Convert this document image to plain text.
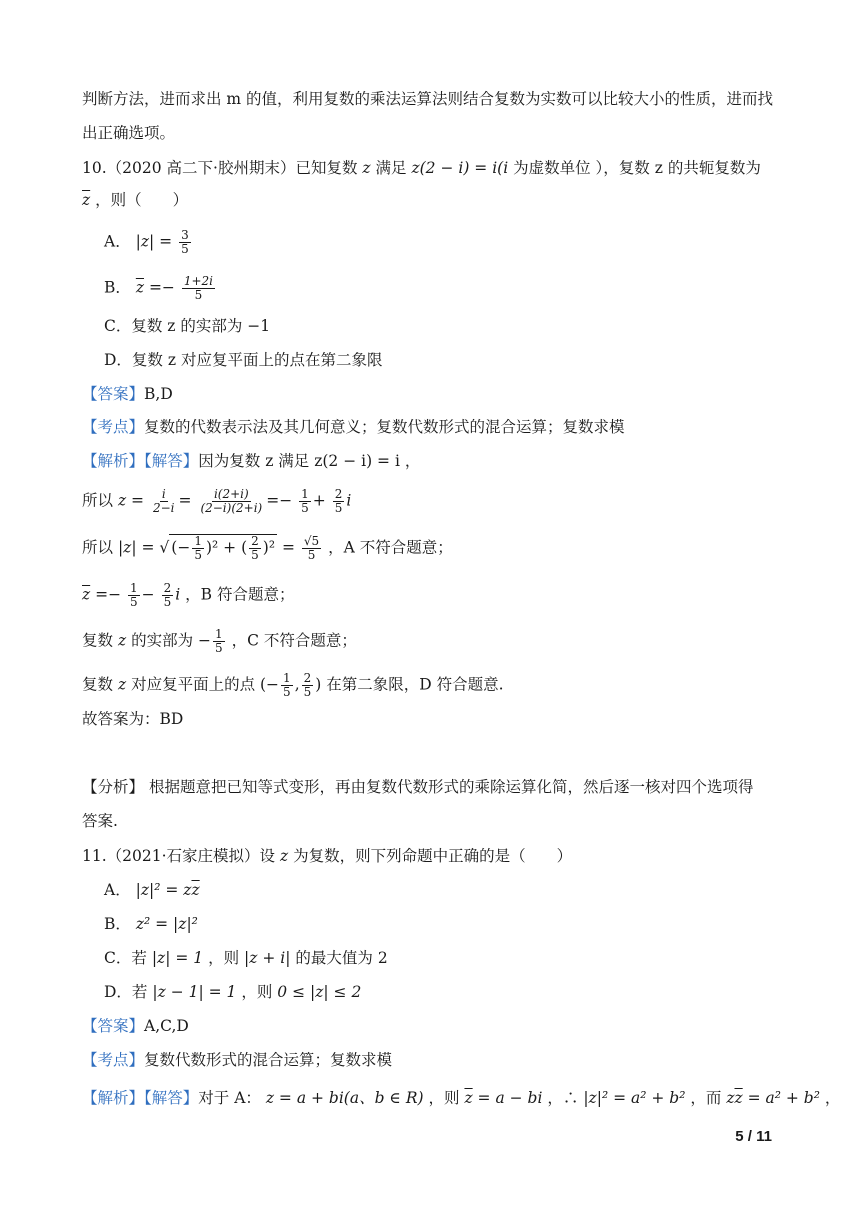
判断方法，进而求出 m 的值，利用复数的乘法运算法则结合复数为实数可以比较大小的性质，进而找
出正确选项。
10.（2020 高二下·胶州期末）已知复数 z 满足 z(2 − i) = i(i 为虚数单位 ），复数 z 的共轭复数为
$\overline{z}$ ，则（　　）
A． $|z| = \frac{3}{5}$
B． $\overline{z} =- \frac{1+2i}{5}$
C．复数 z 的实部为 −1
D．复数 z 对应复平面上的点在第二象限
【答案】B,D
【考点】复数的代数表示法及其几何意义；复数代数形式的混合运算；复数求模
【解析】【解答】因为复数 z 满足 z(2 − i) = i ，
所以 $z = \frac{i}{2-i} = \frac{i(2+i)}{(2-i)(2+i)} =- \frac{1}{5} + \frac{2}{5}$ i
所以 |z| = √ (− $\frac{1}{5} )^2$ + ( $\frac{2}{5} )^2 = \frac{√5}{5}$ ，A 不符合题意；
$\overline{z} =- \frac{1}{5} - \frac{2}{5}$ i ，B 符合题意；
复数 z 的实部为 − $\frac{1}{5}$ ，C 不符合题意；
复数 z 对应复平面上的点 (− $\frac{1}{5}$ , $\frac{2}{5}$ ) 在第二象限，D 符合题意.
故答案为：BD
【分析】 根据题意把已知等式变形，再由复数代数形式的乘除运算化简，然后逐一核对四个选项得
答案.
11.（2021·石家庄模拟）设 z 为复数，则下列命题中正确的是（　　）
A． $|z|^2 = z\overline{z}$
B． z² = |z|²
C．若 |z| = 1 ，则 |z + i| 的最大值为 2
D．若 |z − 1| = 1 ，则 0 ≤ |z| ≤ 2
【答案】A,C,D
【考点】复数代数形式的混合运算；复数求模
【解析】【解答】对于 A： z = a + bi(a、b ∈ R) ，则 $\overline{z} = a$ − bi ，∴ |z|² = a² + b² ，而 $z\overline{z} = a^2 + b^2$ ，
5 / 11
